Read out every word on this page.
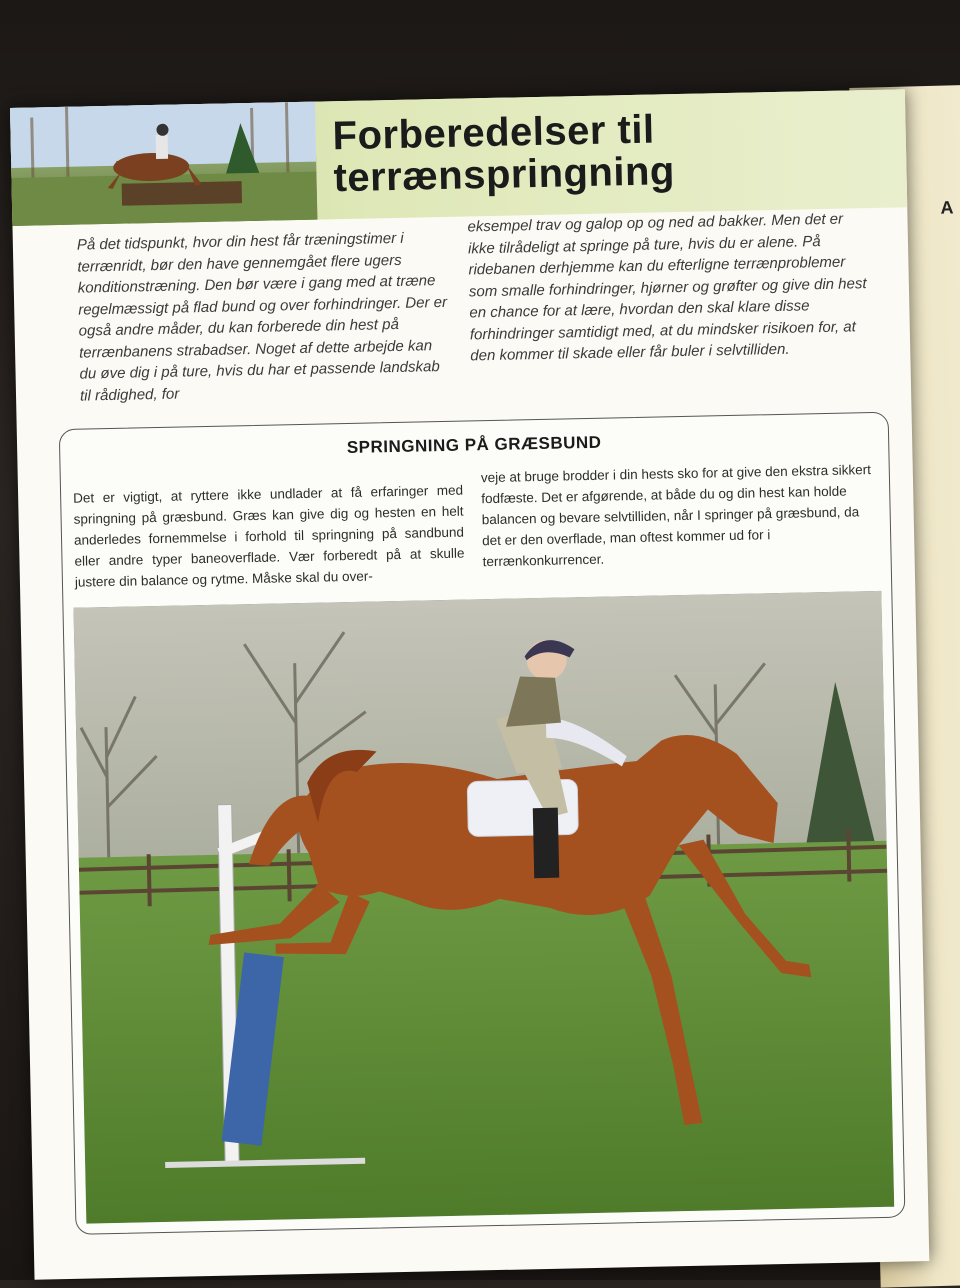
A
Forberedelser til terrænspringning
På det tidspunkt, hvor din hest får træningstimer i terrænridt, bør den have gennemgået flere ugers konditionstræning. Den bør være i gang med at træne regelmæssigt på flad bund og over forhindringer. Der er også andre måder, du kan forberede din hest på terrænbanens strabadser. Noget af dette arbejde kan du øve dig i på ture, hvis du har et passende landskab til rådighed, for
eksempel trav og galop op og ned ad bakker. Men det er ikke tilrådeligt at springe på ture, hvis du er alene. På ridebanen derhjemme kan du efterligne terrænproblemer som smalle forhindringer, hjørner og grøfter og give din hest en chance for at lære, hvordan den skal klare disse forhindringer samtidigt med, at du mindsker risikoen for, at den kommer til skade eller får buler i selvtilliden.
SPRINGNING PÅ GRÆSBUND
Det er vigtigt, at ryttere ikke undlader at få erfaringer med springning på græsbund. Græs kan give dig og hesten en helt anderledes fornemmelse i forhold til springning på sandbund eller andre typer baneoverflade. Vær forberedt på at skulle justere din balance og rytme. Måske skal du over-
veje at bruge brodder i din hests sko for at give den ekstra sikkert fodfæste. Det er afgørende, at både du og din hest kan holde balancen og bevare selvtilliden, når I springer på græsbund, da det er den overflade, man oftest kommer ud for i terrænkonkurrencer.
